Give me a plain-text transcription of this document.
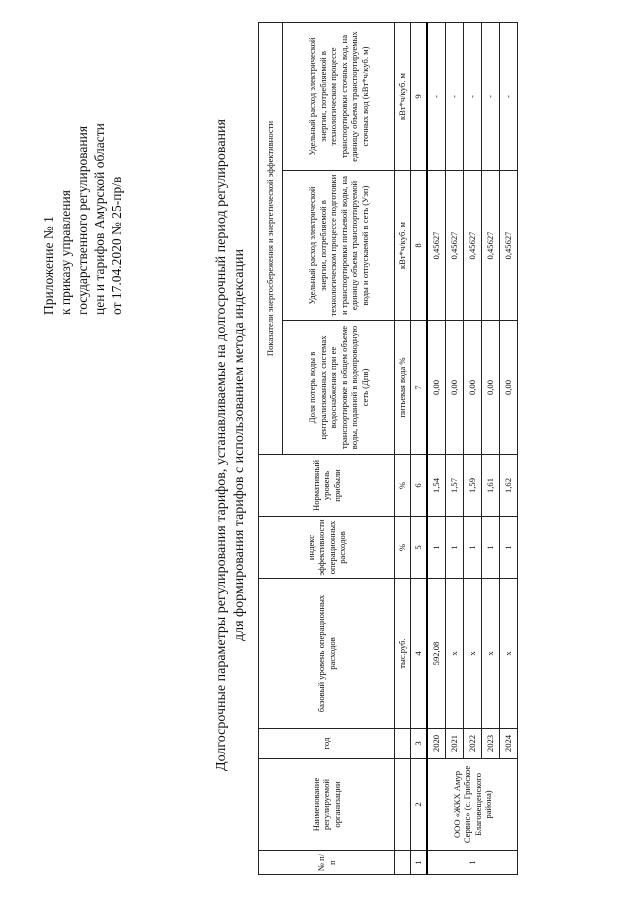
Приложение № 1 к приказу управления государственного регулирования цен и тарифов Амурской области от 17.04.2020 № 25-пр/в	Долгосрочные параметры регулирования тарифов, устанавливаемые на долгосрочный период регулирования для формирования тарифов с использованием метода индексации
№ п/п	Наименование регулируемой организации	год	базовый уровень операционных расходов	индекс эффективности операционных расходов	Нормативный уровень прибыли	Показатели энергосбережения и энергетической эффективности		
						Доля потерь воды в централизованных системах водоснабжения при ее транспортировке в общем объеме воды, поданной в водопроводную сеть (Дпв)	Удельный расход электрической энергии, потребляемой в технологическом процессе подготовки и транспортировки питьевой воды, на единицу объема транспортируемой воды и отпускаемой в сеть (Уэп)	Удельный расход электрической энергии, потребляемой в технологическом процессе транспортировки сточных вод, на единицу объема транспортируемых сточных вод (кВт*ч/куб. м)
			тыс.руб.	%	%	питьевая вода %	кВт*ч/куб. м	кВт*ч/куб. м
1	2	3	4	5	6	7	8	9
1	ООО «ЖКХ Амур Сервис» (с. Грибское Благовещенского района)	2020	592,08	1	1,54	0,00	0,45627	-
		2021	х	1	1,57	0,00	0,45627	-
		2022	х	1	1,59	0,00	0,45627	-
		2023	х	1	1,61	0,00	0,45627	-
		2024	х	1	1,62	0,00	0,45627	-
